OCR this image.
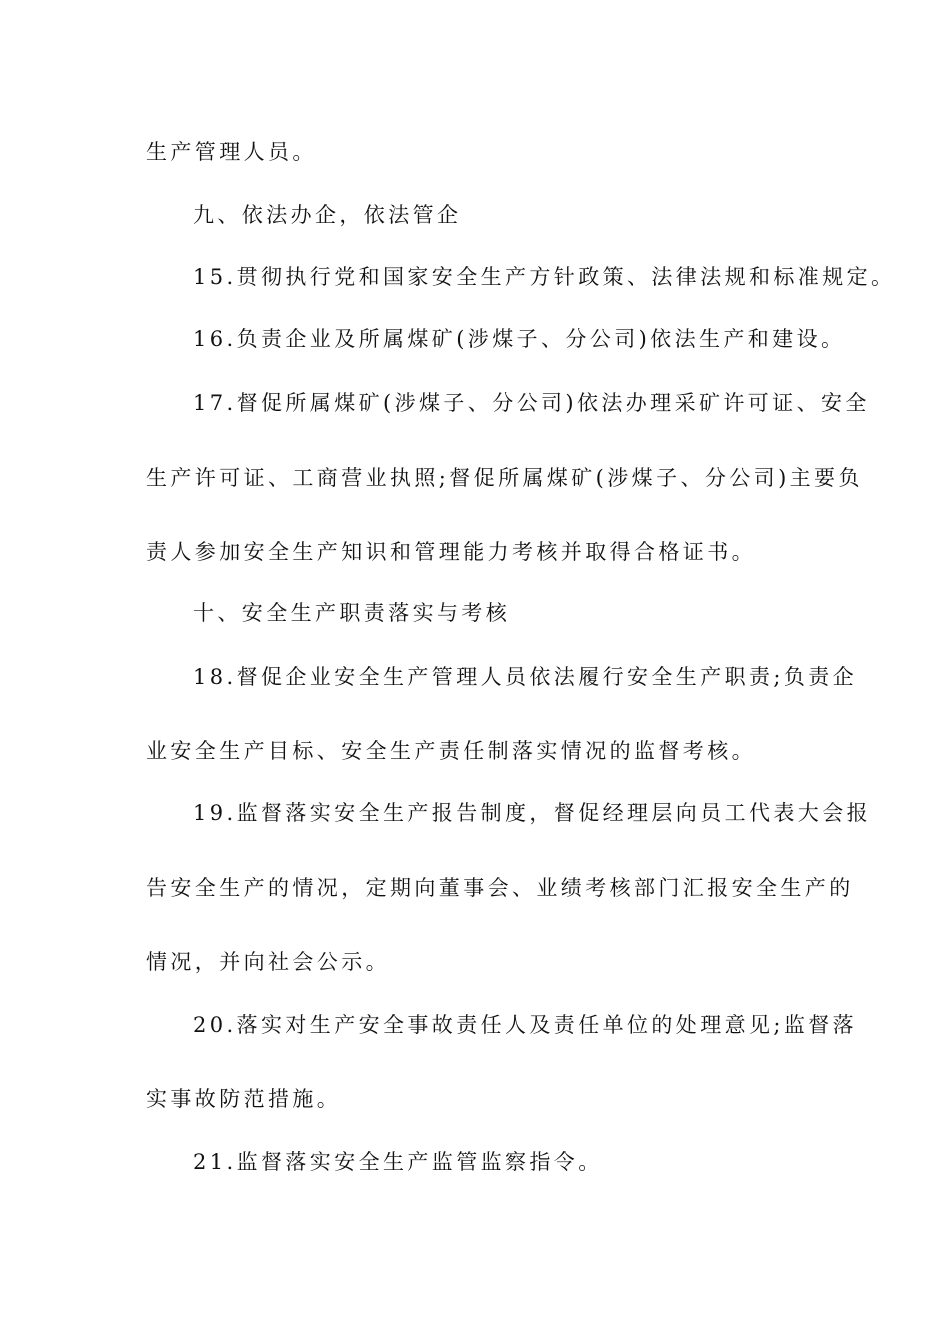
生产管理人员。
九、依法办企，依法管企
15.贯彻执行党和国家安全生产方针政策、法律法规和标准规定。
16.负责企业及所属煤矿(涉煤子、分公司)依法生产和建设。
17.督促所属煤矿(涉煤子、分公司)依法办理采矿许可证、安全
生产许可证、工商营业执照;督促所属煤矿(涉煤子、分公司)主要负
责人参加安全生产知识和管理能力考核并取得合格证书。
十、安全生产职责落实与考核
18.督促企业安全生产管理人员依法履行安全生产职责;负责企
业安全生产目标、安全生产责任制落实情况的监督考核。
19.监督落实安全生产报告制度，督促经理层向员工代表大会报
告安全生产的情况，定期向董事会、业绩考核部门汇报安全生产的
情况，并向社会公示。
20.落实对生产安全事故责任人及责任单位的处理意见;监督落
实事故防范措施。
21.监督落实安全生产监管监察指令。
